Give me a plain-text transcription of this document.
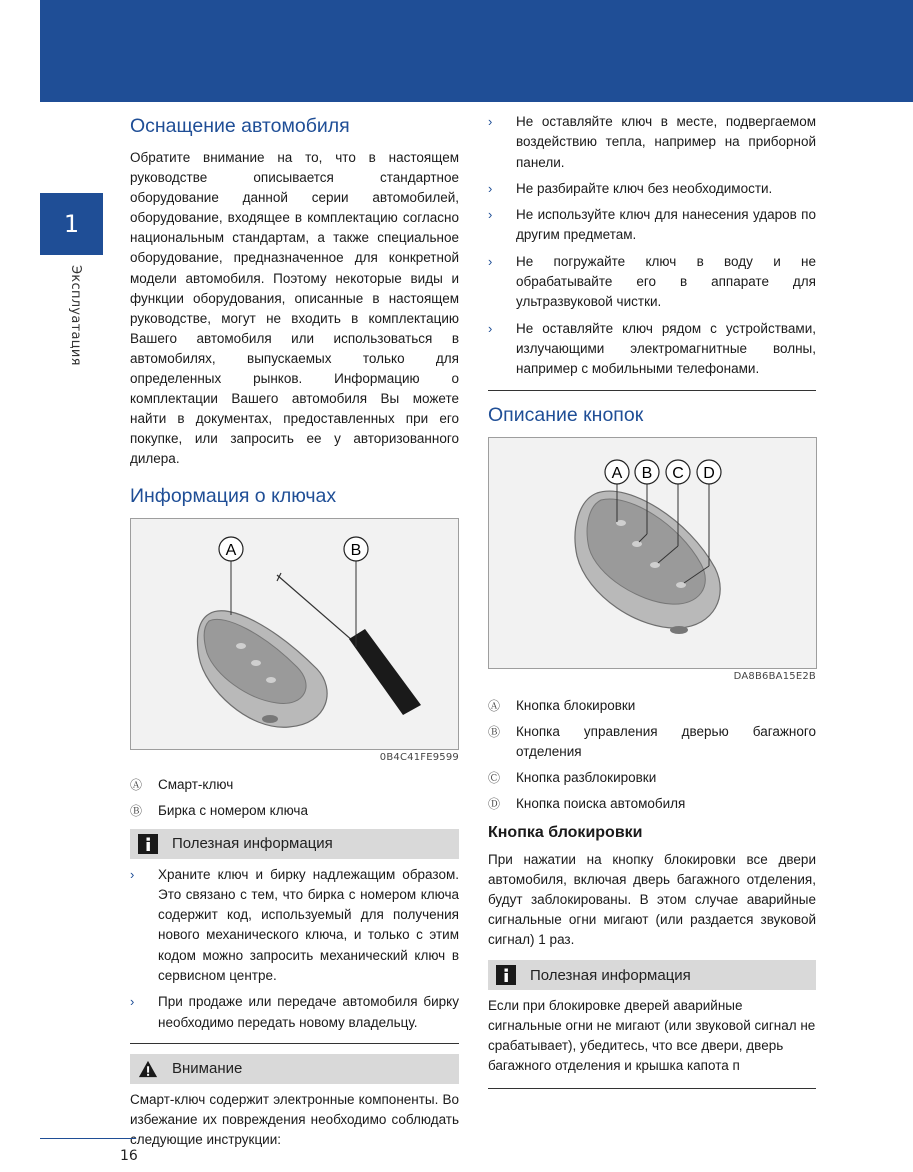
1
Эксплуатация
Оснащение автомобиля

Обратите внимание на то, что в настоящем руководстве описывается стандартное оборудование данной серии автомобилей, оборудование, входящее в комплектацию согласно национальным стандартам, а также специальное оборудование, предназначенное для конкретной модели автомобиля. Поэтому некоторые виды и функции оборудования, описанные в настоящем руководстве, могут не входить в комплектацию Вашего автомобиля или использоваться в автомобилях, выпускаемых только для определенных рынков. Информацию о комплектации Вашего автомобиля Вы можете найти в документах, предоставленных при его покупке, или запросить ее у авторизованного дилера.

Информация о ключах
A	B
0B4C41FE9599
Ⓐ	Смарт-ключ
Ⓑ	Бирка с номером ключа
Полезная информация
›	Храните ключ и бирку надлежащим образом. Это связано с тем, что бирка с номером ключа содержит код, используемый для получения нового механического ключа, и только с этим кодом можно запросить механический ключ в сервисном центре.
›	При продаже или передаче автомобиля бирку необходимо передать новому владельцу.
Внимание

Смарт-ключ содержит электронные компоненты. Во избежание их повреждения необходимо соблюдать следующие инструкции:

›	Не оставляйте ключ в месте, подвергаемом воздействию тепла, например на приборной панели.
›	Не разбирайте ключ без необходимости.
›	Не используйте ключ для нанесения ударов по другим предметам.
›	Не погружайте ключ в воду и не обрабатывайте его в аппарате для ультразвуковой чистки.
›	Не оставляйте ключ рядом с устройствами, излучающими электромагнитные волны, например с мобильными телефонами.
Описание кнопок
A B C D
DA8B6BA15E2B
Ⓐ	Кнопка блокировки
Ⓑ	Кнопка управления дверью багажного отделения
Ⓒ	Кнопка разблокировки
Ⓓ	Кнопка поиска автомобиля
Кнопка блокировки

При нажатии на кнопку блокировки все двери автомобиля, включая дверь багажного отделения, будут заблокированы. В этом случае аварийные сигнальные огни мигают (или раздается звуковой сигнал) 1 раз.

Полезная информация

Если при блокировке дверей аварийные сигнальные огни не мигают (или звуковой сигнал не срабатывает), убедитесь, что все двери, дверь багажного отделения и крышка капота п

16
